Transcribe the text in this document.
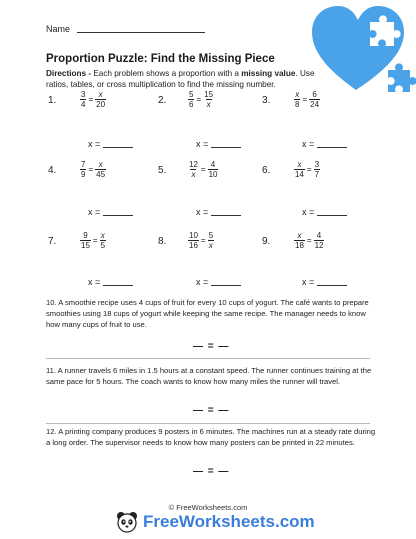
Name
Proportion Puzzle: Find the Missing Piece
Directions - Each problem shows a proportion with a missing value. Use ratios, tables, or cross multiplication to find the missing number.
1.	$\frac{3}{4} = \frac{x}{20}$
x =
2.	$\frac{5}{6} = \frac{15}{x}$
x =
3.	$\frac{x}{8} = \frac{6}{24}$
x =
4.	$\frac{7}{9} = \frac{x}{45}$
x =
5.	$\frac{12}{x} = \frac{4}{10}$
x =
6.	$\frac{x}{14} = \frac{3}{7}$
x =
7.	$\frac{9}{15} = \frac{x}{5}$
x =
8.	$\frac{10}{16} = \frac{5}{x}$
x =
9.	$\frac{x}{18} = \frac{4}{12}$
x =
10. A smoothie recipe uses 4 cups of fruit for every 10 cups of yogurt. The café wants to prepare smoothies using 18 cups of yogurt while keeping the same recipe. The manager needs to know how many cups of fruit to use.
— = —
11. A runner travels 6 miles in 1.5 hours at a constant speed. The runner continues training at the same pace for 5 hours. The coach wants to know how many miles the runner will travel.
— = —
12. A printing company produces 9 posters in 6 minutes. The machines run at a steady rate during a long order. The supervisor needs to know how many posters can be printed in 22 minutes.
— = —
© FreeWorksheets.com
FreeWorksheets.com
